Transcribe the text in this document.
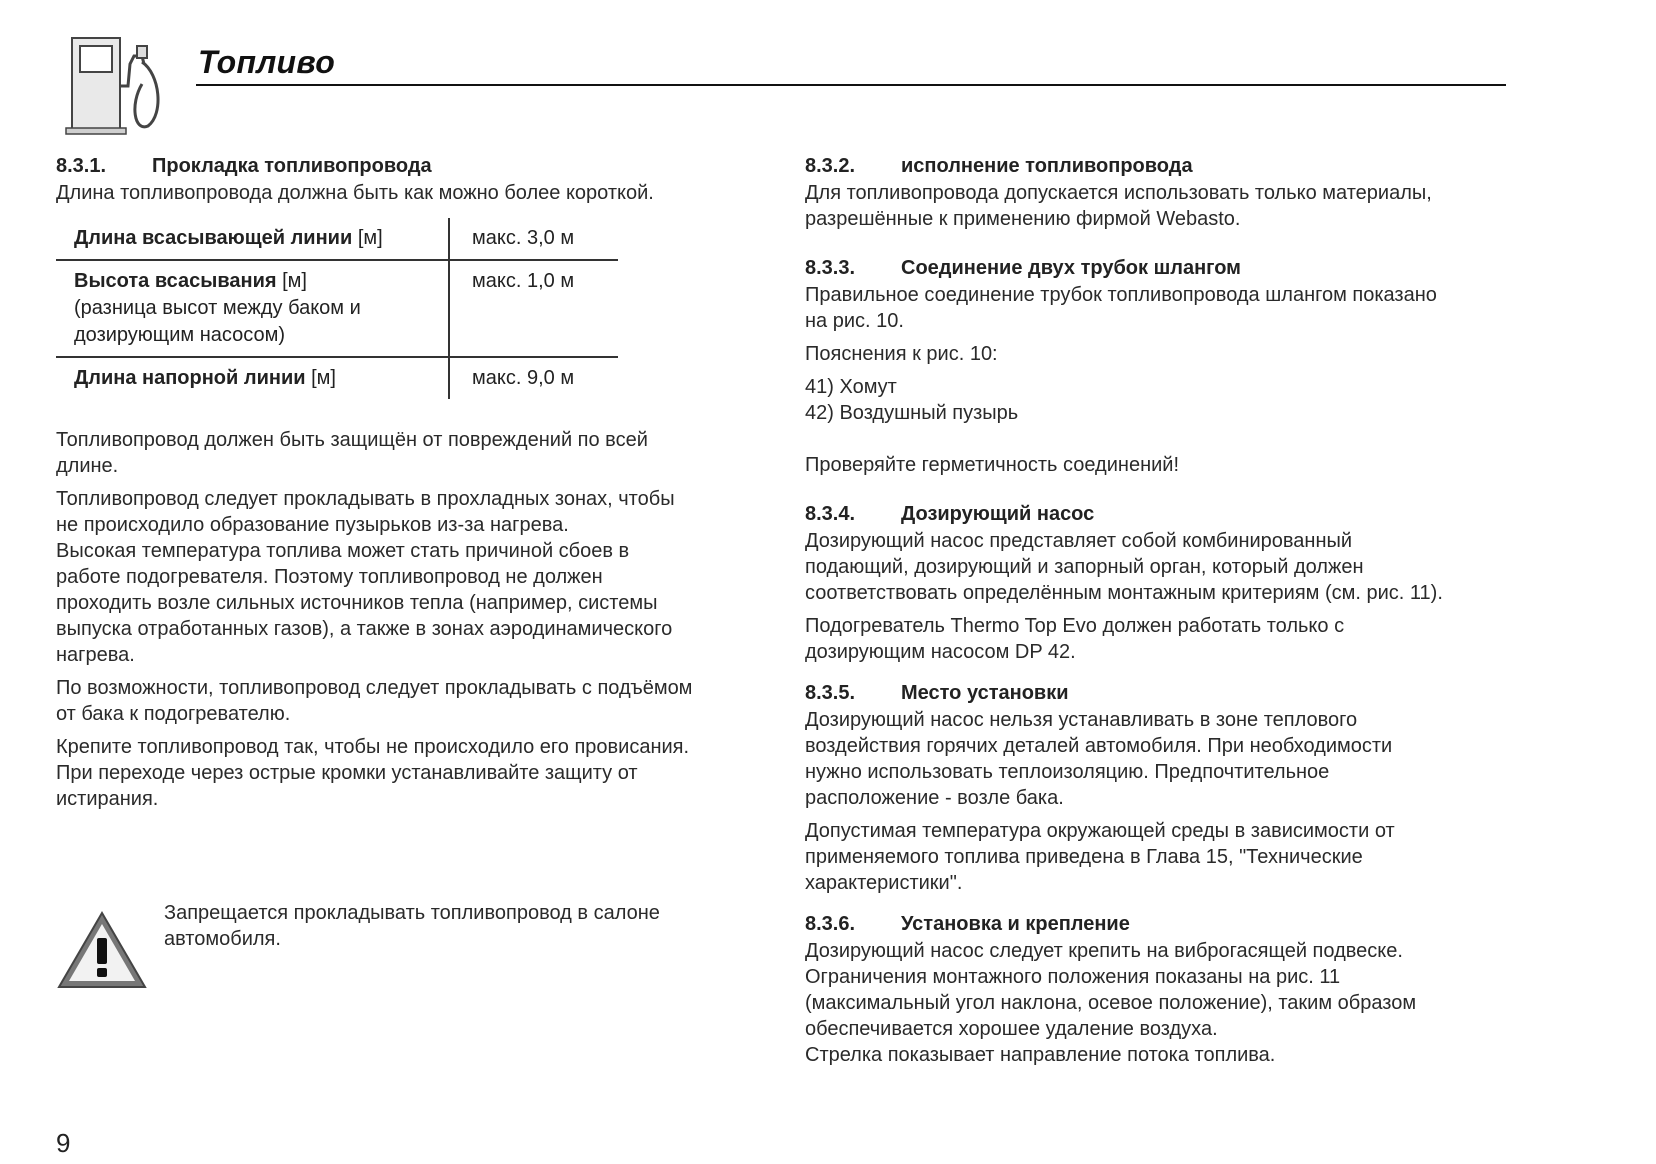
Топливо
8.3.1. Прокладка топливопровода

Длина топливопровода должна быть как можно более короткой.

Длина всасывающей линии [м]	макс. 3,0 м
Высота всасывания [м]
(разница высот между баком и
дозирующим насосом)	макс. 1,0 м
Длина напорной линии [м]	макс. 9,0 м

Топливопровод должен быть защищён от повреждений по всей
длине.

Топливопровод следует прокладывать в прохладных зонах, чтобы
не происходило образование пузырьков из-за нагрева.
Высокая температура топлива может стать причиной сбоев в
работе подогревателя. Поэтому топливопровод не должен
проходить возле сильных источников тепла (например, системы
выпуска отработанных газов), а также в зонах аэродинамического
нагрева.

По возможности, топливопровод следует прокладывать с подъёмом
от бака к подогревателю.

Крепите топливопровод так, чтобы не происходило его провисания.
При переходе через острые кромки устанавливайте защиту от
истирания.

Запрещается прокладывать топливопровод в салоне
автомобиля.

8.3.2. исполнение топливопровода

Для топливопровода допускается использовать только материалы,
разрешённые к применению фирмой Webasto.

8.3.3. Соединение двух трубок шлангом

Правильное соединение трубок топливопровода шлангом показано
на рис. 10.

Пояснения к рис. 10:

41) Хомут
42) Воздушный пузырь

Проверяйте герметичность соединений!

8.3.4. Дозирующий насос

Дозирующий насос представляет собой комбинированный
подающий, дозирующий и запорный орган, который должен
соответствовать определённым монтажным критериям (см. рис. 11).

Подогреватель Thermo Top Evo должен работать только с
дозирующим насосом DP 42.

8.3.5. Место установки

Дозирующий насос нельзя устанавливать в зоне теплового
воздействия горячих деталей автомобиля. При необходимости
нужно использовать теплоизоляцию. Предпочтительное
расположение - возле бака.

Допустимая температура окружающей среды в зависимости от
применяемого топлива приведена в Глава 15, "Технические
характеристики".

8.3.6. Установка и крепление

Дозирующий насос следует крепить на виброгасящей подвеске.
Ограничения монтажного положения показаны на рис. 11
(максимальный угол наклона, осевое положение), таким образом
обеспечивается хорошее удаление воздуха.
Стрелка показывает направление потока топлива.

9
